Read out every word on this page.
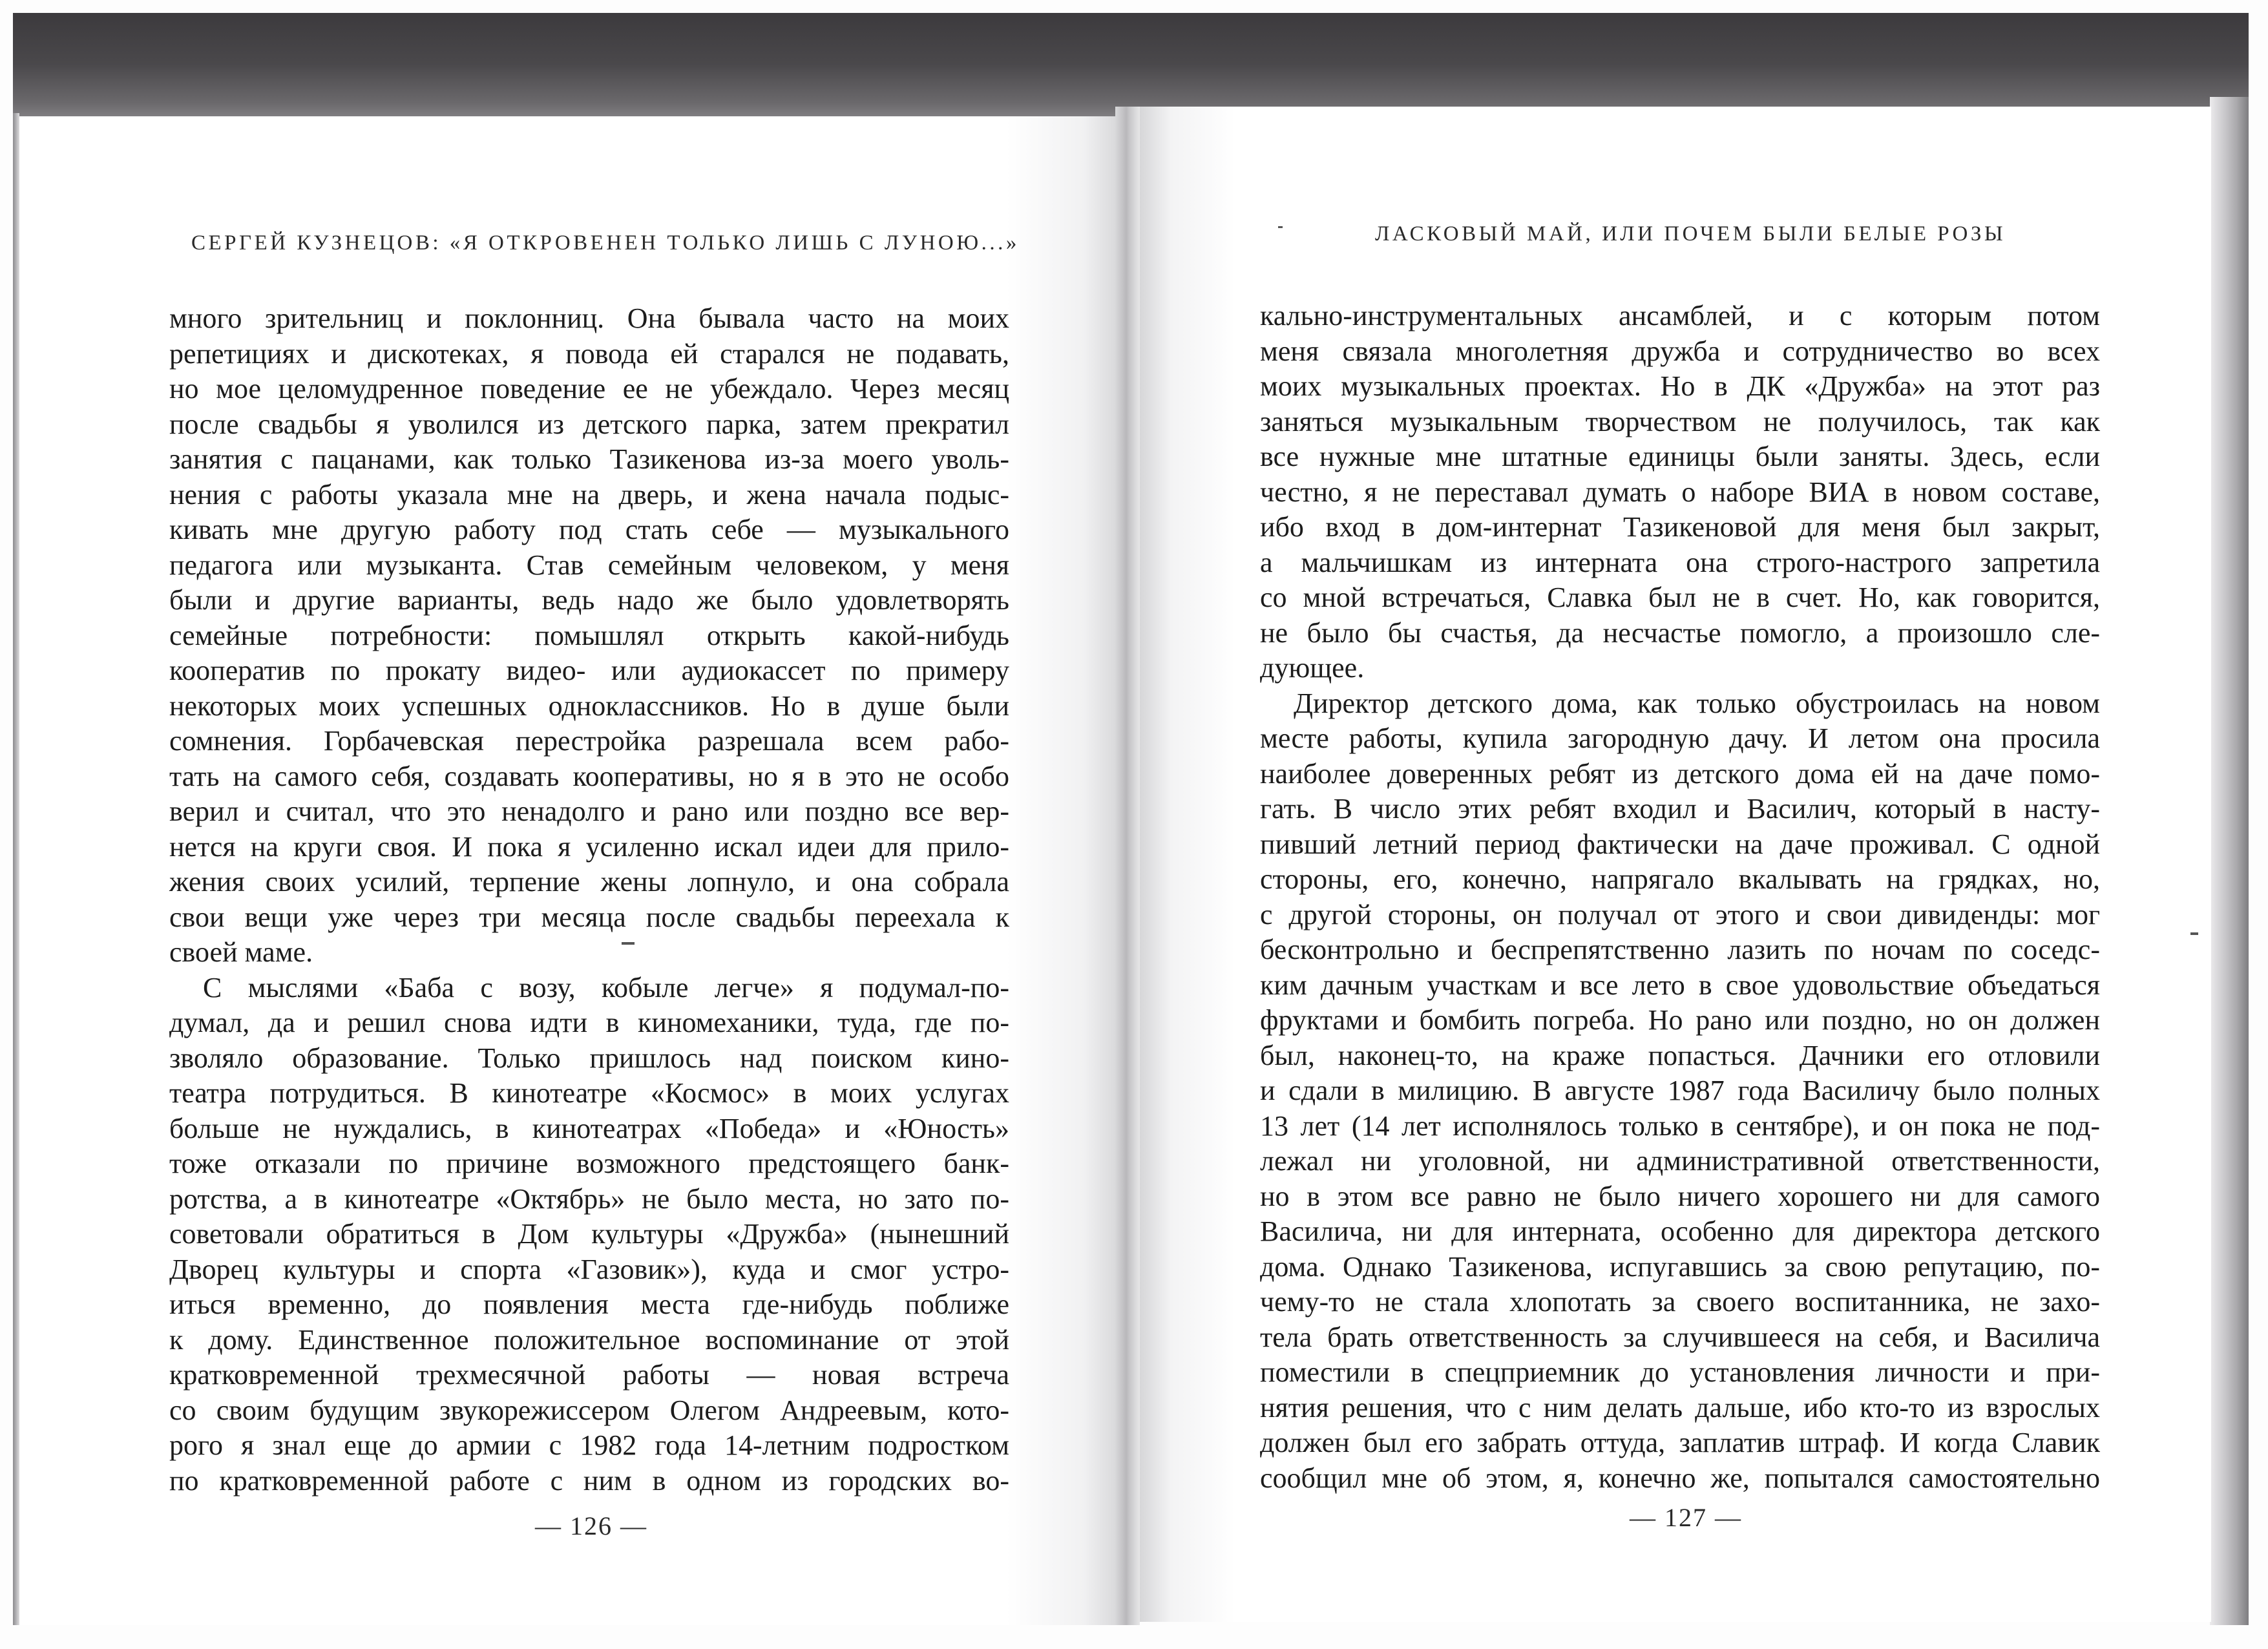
СЕРГЕЙ КУЗНЕЦОВ: «Я ОТКРОВЕНЕН ТОЛЬКО ЛИШЬ С ЛУНОЮ...»	ЛАСКОВЫЙ МАЙ, ИЛИ ПОЧЕМ БЫЛИ БЕЛЫЕ РОЗЫ

много зрительниц и поклонниц. Она бывала часто на моих
репетициях и дискотеках, я повода ей старался не подавать,
но мое целомудренное поведение ее не убеждало. Через месяц
после свадьбы я уволился из детского парка, затем прекратил
занятия с пацанами, как только Тазикенова из-за моего уволь-
нения с работы указала мне на дверь, и жена начала подыс-
кивать мне другую работу под стать себе — музыкального
педагога или музыканта. Став семейным человеком, у меня
были и другие варианты, ведь надо же было удовлетворять
семейные потребности: помышлял открыть какой-нибудь
кооператив по прокату видео- или аудиокассет по примеру
некоторых моих успешных одноклассников. Но в душе были
сомнения. Горбачевская перестройка разрешала всем рабо-
тать на самого себя, создавать кооперативы, но я в это не особо
верил и считал, что это ненадолго и рано или поздно все вер-
нется на круги своя. И пока я усиленно искал идеи для прило-
жения своих усилий, терпение жены лопнуло, и она собрала
свои вещи уже через три месяца после свадьбы переехала к
своей маме.
С мыслями «Баба с возу, кобыле легче» я подумал-по-
думал, да и решил снова идти в киномеханики, туда, где по-
зволяло образование. Только пришлось над поиском кино-
театра потрудиться. В кинотеатре «Космос» в моих услугах
больше не нуждались, в кинотеатрах «Победа» и «Юность»
тоже отказали по причине возможного предстоящего банк-
ротства, а в кинотеатре «Октябрь» не было места, но зато по-
советовали обратиться в Дом культуры «Дружба» (нынешний
Дворец культуры и спорта «Газовик»), куда и смог устро-
иться временно, до появления места где-нибудь поближе
к дому. Единственное положительное воспоминание от этой
кратковременной трехмесячной работы — новая встреча
со своим будущим звукорежиссером Олегом Андреевым, кото-
рого я знал еще до армии с 1982 года 14-летним подростком
по кратковременной работе с ним в одном из городских во-
кально-инструментальных ансамблей, и с которым потом
меня связала многолетняя дружба и сотрудничество во всех
моих музыкальных проектах. Но в ДК «Дружба» на этот раз
заняться музыкальным творчеством не получилось, так как
все нужные мне штатные единицы были заняты. Здесь, если
честно, я не переставал думать о наборе ВИА в новом составе,
ибо вход в дом-интернат Тазикеновой для меня был закрыт,
а мальчишкам из интерната она строго-настрого запретила
со мной встречаться, Славка был не в счет. Но, как говорится,
не было бы счастья, да несчастье помогло, а произошло сле-
дующее.
Директор детского дома, как только обустроилась на новом
месте работы, купила загородную дачу. И летом она просила
наиболее доверенных ребят из детского дома ей на даче помо-
гать. В число этих ребят входил и Василич, который в насту-
пивший летний период фактически на даче проживал. С одной
стороны, его, конечно, напрягало вкалывать на грядках, но,
с другой стороны, он получал от этого и свои дивиденды: мог
бесконтрольно и беспрепятственно лазить по ночам по соседс-
ким дачным участкам и все лето в свое удовольствие объедаться
фруктами и бомбить погреба. Но рано или поздно, но он должен
был, наконец-то, на краже попасться. Дачники его отловили
и сдали в милицию. В августе 1987 года Василичу было полных
13 лет (14 лет исполнялось только в сентябре), и он пока не под-
лежал ни уголовной, ни административной ответственности,
но в этом все равно не было ничего хорошего ни для самого
Василича, ни для интерната, особенно для директора детского
дома. Однако Тазикенова, испугавшись за свою репутацию, по-
чему-то не стала хлопотать за своего воспитанника, не захо-
тела брать ответственность за случившееся на себя, и Василича
поместили в спецприемник до установления личности и при-
нятия решения, что с ним делать дальше, ибо кто-то из взрослых
должен был его забрать оттуда, заплатив штраф. И когда Славик
сообщил мне об этом, я, конечно же, попытался самостоятельно

— 126 —	— 127 —
